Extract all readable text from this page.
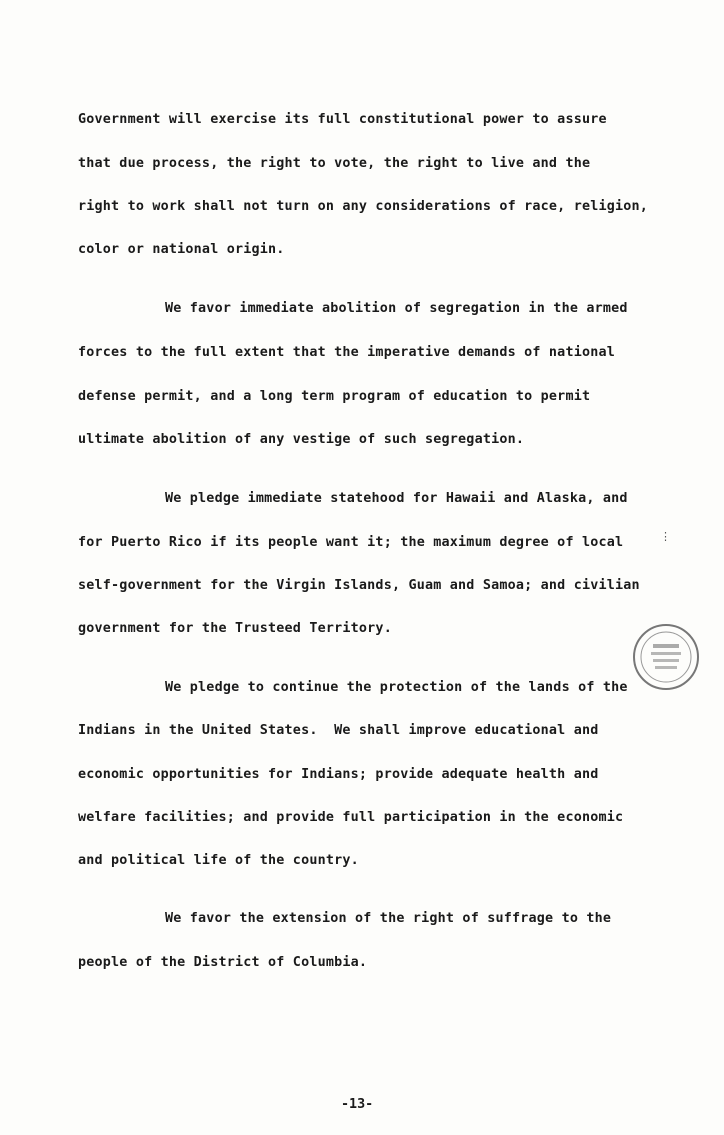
Government will exercise its full constitutional power to assure
that due process, the right to vote, the right to live and the
right to work shall not turn on any considerations of race, religion,
color or national origin.
We favor immediate abolition of segregation in the armed
forces to the full extent that the imperative demands of national
defense permit, and a long term program of education to permit
ultimate abolition of any vestige of such segregation.
We pledge immediate statehood for Hawaii and Alaska, and
for Puerto Rico if its people want it; the maximum degree of local
self-government for the Virgin Islands, Guam and Samoa; and civilian
government for the Trusteed Territory.
We pledge to continue the protection of the lands of the
Indians in the United States.  We shall improve educational and
economic opportunities for Indians; provide adequate health and
welfare facilities; and provide full participation in the economic
and political life of the country.
We favor the extension of the right of suffrage to the
people of the District of Columbia.
⋮
-13-
